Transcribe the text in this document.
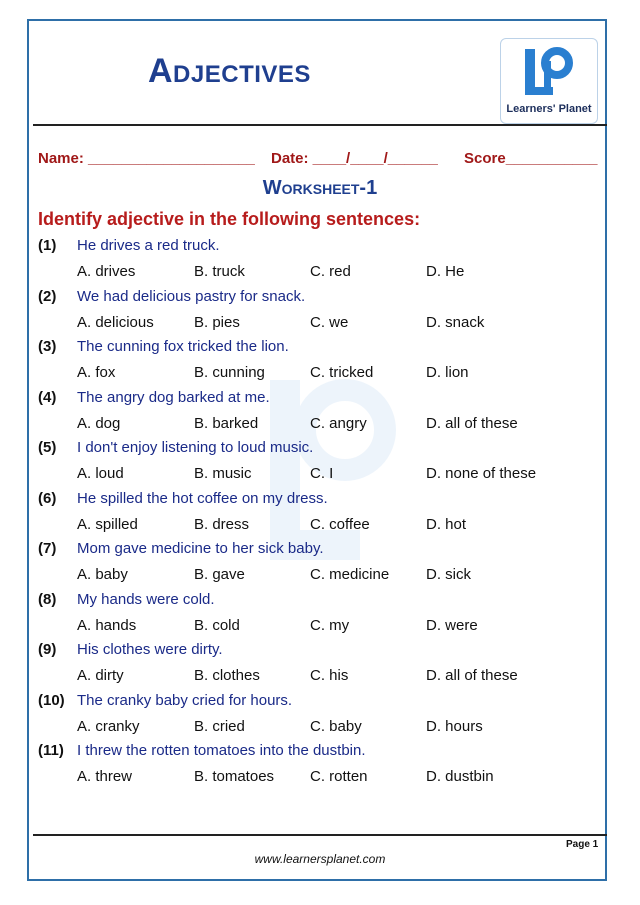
Adjectives
Learners' Planet
Name: ____________________ Date: ____/____/______ Score___________
Worksheet-1

Identify adjective in the following sentences:

(1) He drives a red truck.
A. drives	B. truck	C. red	D. He
(2) We had delicious pastry for snack.
A. delicious	B. pies	C. we	D. snack
(3) The cunning fox tricked the lion.
A. fox	B. cunning	C. tricked	D. lion
(4) The angry dog barked at me.
A. dog	B. barked	C. angry	D. all of these
(5) I don't enjoy listening to loud music.
A. loud	B. music	C. I	D. none of these
(6) He spilled the hot coffee on my dress.
A. spilled	B. dress	C. coffee	D. hot
(7) Mom gave medicine to her sick baby.
A. baby	B. gave	C. medicine D. sick
(8) My hands were cold.
A. hands	B. cold	C. my	D. were
(9) His clothes were dirty.
A. dirty	B. clothes	C. his	D. all of these
(10) The cranky baby cried for hours.
A. cranky	B. cried	C. baby	D. hours
(11) I threw the rotten tomatoes into the dustbin.
A. threw	B. tomatoes C. rotten	D. dustbin
Page 1
www.learnersplanet.com
